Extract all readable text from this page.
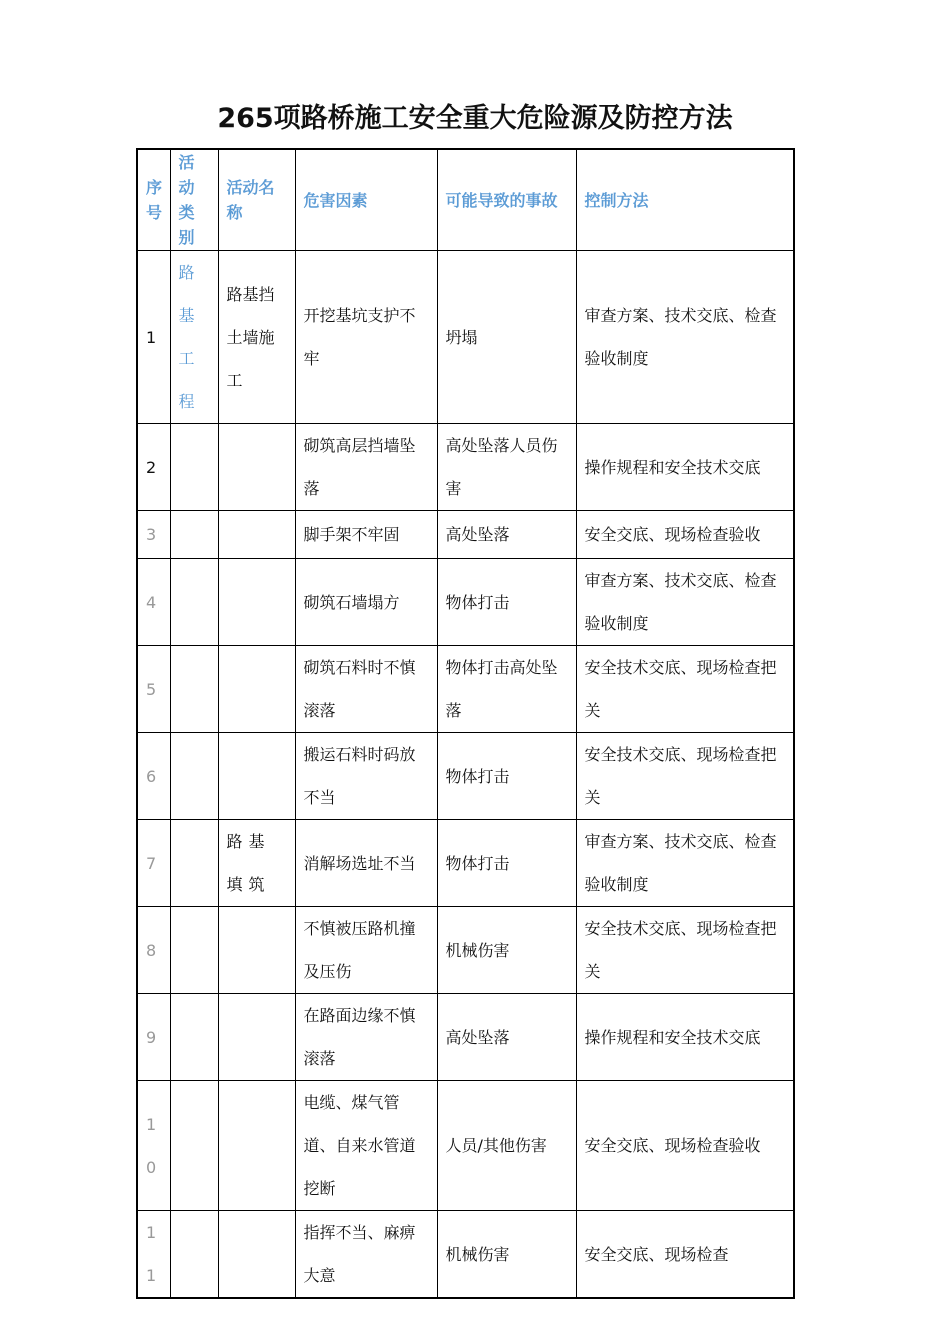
265项路桥施工安全重大危险源及防控方法
序号	活动类别	活动名称	危害因素	可能导致的事故	控制方法
1	路基工程	路基挡土墙施工	开挖基坑支护不牢	坍塌	审查方案、技术交底、检查验收制度
2			砌筑高层挡墙坠落	高处坠落人员伤害	操作规程和安全技术交底
3			脚手架不牢固	高处坠落	安全交底、现场检查验收
4			砌筑石墙塌方	物体打击	审查方案、技术交底、检查验收制度
5			砌筑石料时不慎滚落	物体打击高处坠落	安全技术交底、现场检查把关
6			搬运石料时码放不当	物体打击	安全技术交底、现场检查把关
7		路基填筑	消解场选址不当	物体打击	审查方案、技术交底、检查验收制度
8			不慎被压路机撞及压伤	机械伤害	安全技术交底、现场检查把关
9			在路面边缘不慎滚落	高处坠落	操作规程和安全技术交底
10			电缆、煤气管道、自来水管道挖断	人员/其他伤害	安全交底、现场检查验收
11			指挥不当、麻痹大意	机械伤害	安全交底、现场检查
